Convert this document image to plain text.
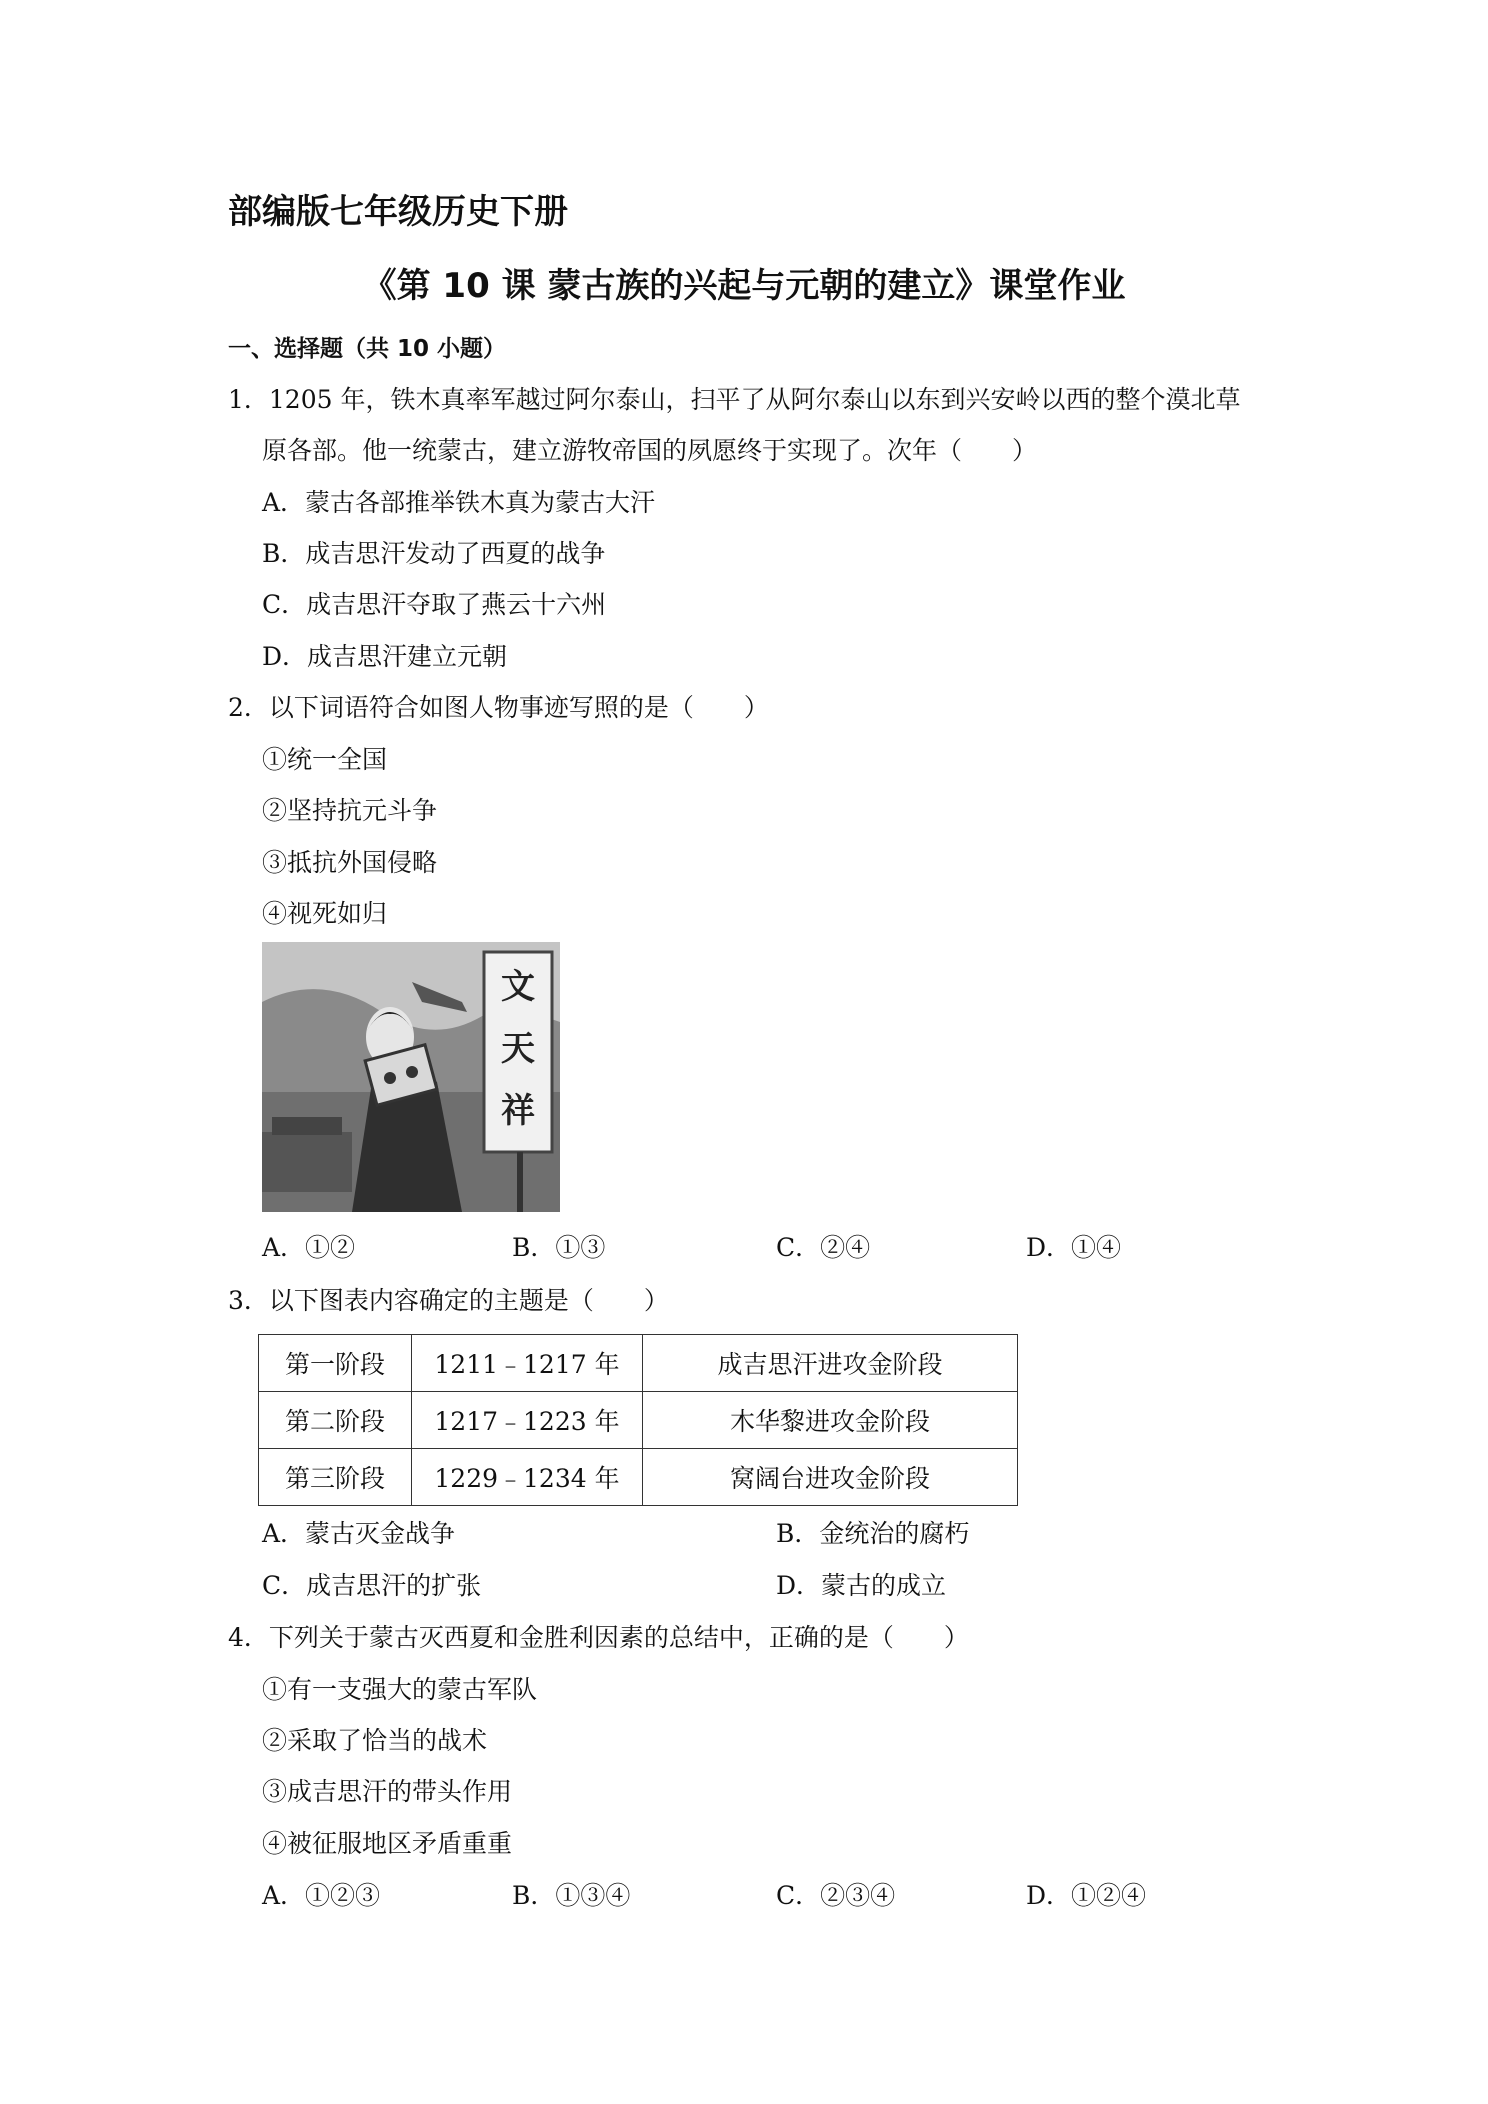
部编版七年级历史下册
《第 10 课 蒙古族的兴起与元朝的建立》课堂作业
一、选择题（共 10 小题）
1．1205 年，铁木真率军越过阿尔泰山，扫平了从阿尔泰山以东到兴安岭以西的整个漠北草
原各部。他一统蒙古，建立游牧帝国的夙愿终于实现了。次年（　　）
A．蒙古各部推举铁木真为蒙古大汗
B．成吉思汗发动了西夏的战争
C．成吉思汗夺取了燕云十六州
D．成吉思汗建立元朝
2．以下词语符合如图人物事迹写照的是（　　）
①统一全国
②坚持抗元斗争
③抵抗外国侵略
④视死如归
文
天
祥
A．①②	B．①③	C．②④	D．①④
3．以下图表内容确定的主题是（　　）
第一阶段	1211﹣1217 年	成吉思汗进攻金阶段
第二阶段	1217﹣1223 年	木华黎进攻金阶段
第三阶段	1229﹣1234 年	窝阔台进攻金阶段
A．蒙古灭金战争	B．金统治的腐朽
C．成吉思汗的扩张	D．蒙古的成立
4．下列关于蒙古灭西夏和金胜利因素的总结中，正确的是（　　）
①有一支强大的蒙古军队
②采取了恰当的战术
③成吉思汗的带头作用
④被征服地区矛盾重重
A．①②③	B．①③④	C．②③④	D．①②④
